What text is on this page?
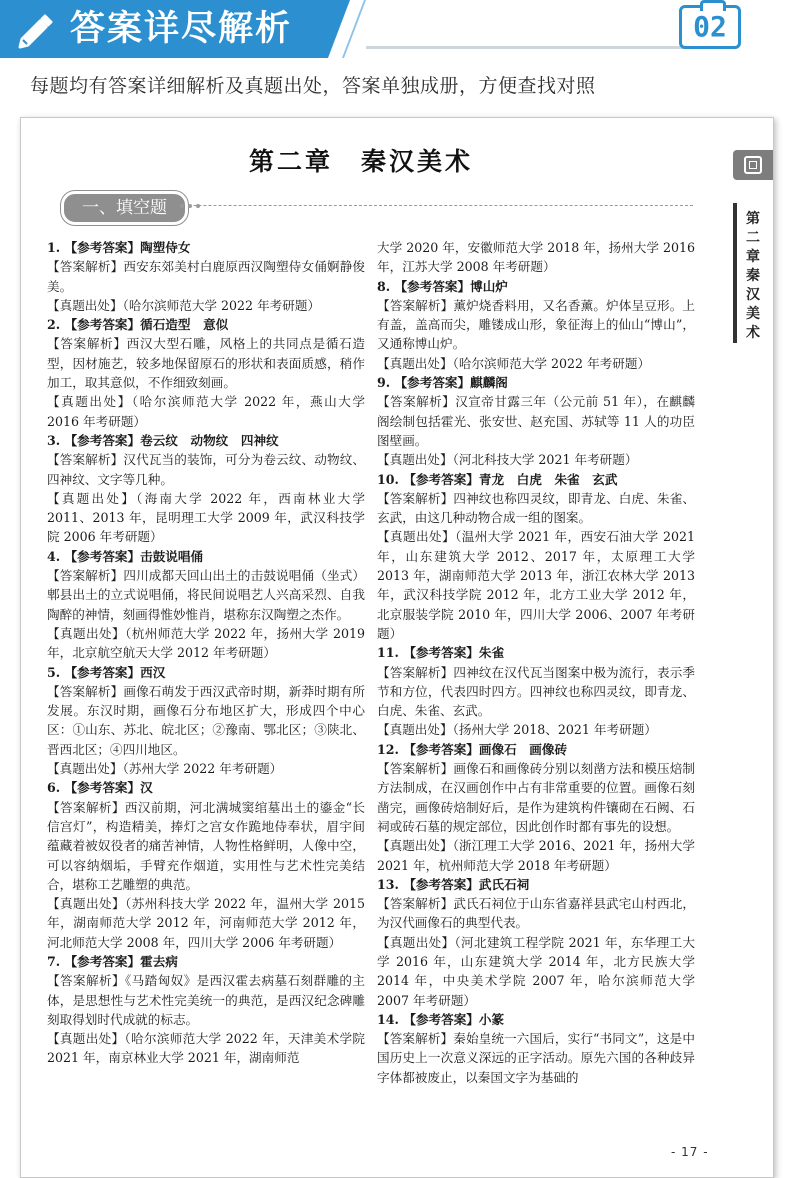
答案详尽解析	02
每题均有答案详细解析及真题出处，答案单独成册，方便查找对照
第二章　秦汉美术
一、填空题

1. 【参考答案】陶塑侍女

【答案解析】西安东郊美村白鹿原西汉陶塑侍女俑婀静俊美。

【真题出处】（哈尔滨师范大学 2022 年考研题）

2. 【参考答案】循石造型　意似

【答案解析】西汉大型石雕，风格上的共同点是循石造型，因材施艺，较多地保留原石的形状和表面质感，稍作加工，取其意似，不作细致刻画。

【真题出处】（哈尔滨师范大学 2022 年，燕山大学 2016 年考研题）

3. 【参考答案】卷云纹　动物纹　四神纹

【答案解析】汉代瓦当的装饰，可分为卷云纹、动物纹、四神纹、文字等几种。

【真题出处】（海南大学 2022 年，西南林业大学 2011、2013 年，昆明理工大学 2009 年，武汉科技学院 2006 年考研题）

4. 【参考答案】击鼓说唱俑

【答案解析】四川成都天回山出土的击鼓说唱俑（坐式）郫县出土的立式说唱俑，将民间说唱艺人兴高采烈、自我陶醉的神情，刻画得惟妙惟肖，堪称东汉陶塑之杰作。

【真题出处】（杭州师范大学 2022 年，扬州大学 2019 年，北京航空航天大学 2012 年考研题）

5. 【参考答案】西汉

【答案解析】画像石萌发于西汉武帝时期，新莽时期有所发展。东汉时期，画像石分布地区扩大，形成四个中心区：①山东、苏北、皖北区；②豫南、鄂北区；③陕北、晋西北区；④四川地区。

【真题出处】（苏州大学 2022 年考研题）

6. 【参考答案】汉

【答案解析】西汉前期，河北满城窦绾墓出土的鎏金“长信宫灯”，构造精美，捧灯之宫女作跪地侍奉状，眉宇间蕴藏着被奴役者的痛苦神情，人物性格鲜明，人像中空，可以容纳烟垢，手臂充作烟道，实用性与艺术性完美结合，堪称工艺雕塑的典范。

【真题出处】（苏州科技大学 2022 年，温州大学 2015 年，湖南师范大学 2012 年，河南师范大学 2012 年，河北师范大学 2008 年，四川大学 2006 年考研题）

7. 【参考答案】霍去病

【答案解析】《马踏匈奴》是西汉霍去病墓石刻群雕的主体，是思想性与艺术性完美统一的典范，是西汉纪念碑雕刻取得划时代成就的标志。

【真题出处】（哈尔滨师范大学 2022 年，天津美术学院 2021 年，南京林业大学 2021 年，湖南师范

大学 2020 年，安徽师范大学 2018 年，扬州大学 2016 年，江苏大学 2008 年考研题）

8. 【参考答案】博山炉

【答案解析】薰炉烧香料用，又名香薰。炉体呈豆形。上有盖，盖高而尖，雕镂成山形，象征海上的仙山“博山”，又通称博山炉。

【真题出处】（哈尔滨师范大学 2022 年考研题）

9. 【参考答案】麒麟阁

【答案解析】汉宣帝甘露三年（公元前 51 年），在麒麟阁绘制包括霍光、张安世、赵充国、苏轼等 11 人的功臣图壁画。

【真题出处】（河北科技大学 2021 年考研题）

10. 【参考答案】青龙　白虎　朱雀　玄武

【答案解析】四神纹也称四灵纹，即青龙、白虎、朱雀、玄武，由这几种动物合成一组的图案。

【真题出处】（温州大学 2021 年，西安石油大学 2021 年，山东建筑大学 2012、2017 年，太原理工大学 2013 年，湖南师范大学 2013 年，浙江农林大学 2013 年，武汉科技学院 2012 年，北方工业大学 2012 年，北京服装学院 2010 年，四川大学 2006、2007 年考研题）

11. 【参考答案】朱雀

【答案解析】四神纹在汉代瓦当图案中极为流行，表示季节和方位，代表四时四方。四神纹也称四灵纹，即青龙、白虎、朱雀、玄武。

【真题出处】（扬州大学 2018、2021 年考研题）

12. 【参考答案】画像石　画像砖

【答案解析】画像石和画像砖分别以刻凿方法和模压焙制方法制成，在汉画创作中占有非常重要的位置。画像石刻凿完，画像砖焙制好后，是作为建筑构件镶砌在石阙、石祠或砖石墓的规定部位，因此创作时都有事先的设想。

【真题出处】（浙江理工大学 2016、2021 年，扬州大学 2021 年，杭州师范大学 2018 年考研题）

13. 【参考答案】武氏石祠

【答案解析】武氏石祠位于山东省嘉祥县武宅山村西北，为汉代画像石的典型代表。

【真题出处】（河北建筑工程学院 2021 年，东华理工大学 2016 年，山东建筑大学 2014 年，北方民族大学 2014 年，中央美术学院 2007 年，哈尔滨师范大学 2007 年考研题）

14. 【参考答案】小篆

【答案解析】秦始皇统一六国后，实行“书同文”，这是中国历史上一次意义深远的正字活动。原先六国的各种歧异字体都被废止，以秦国文字为基础的

第二章 秦汉美术
- 17 -
